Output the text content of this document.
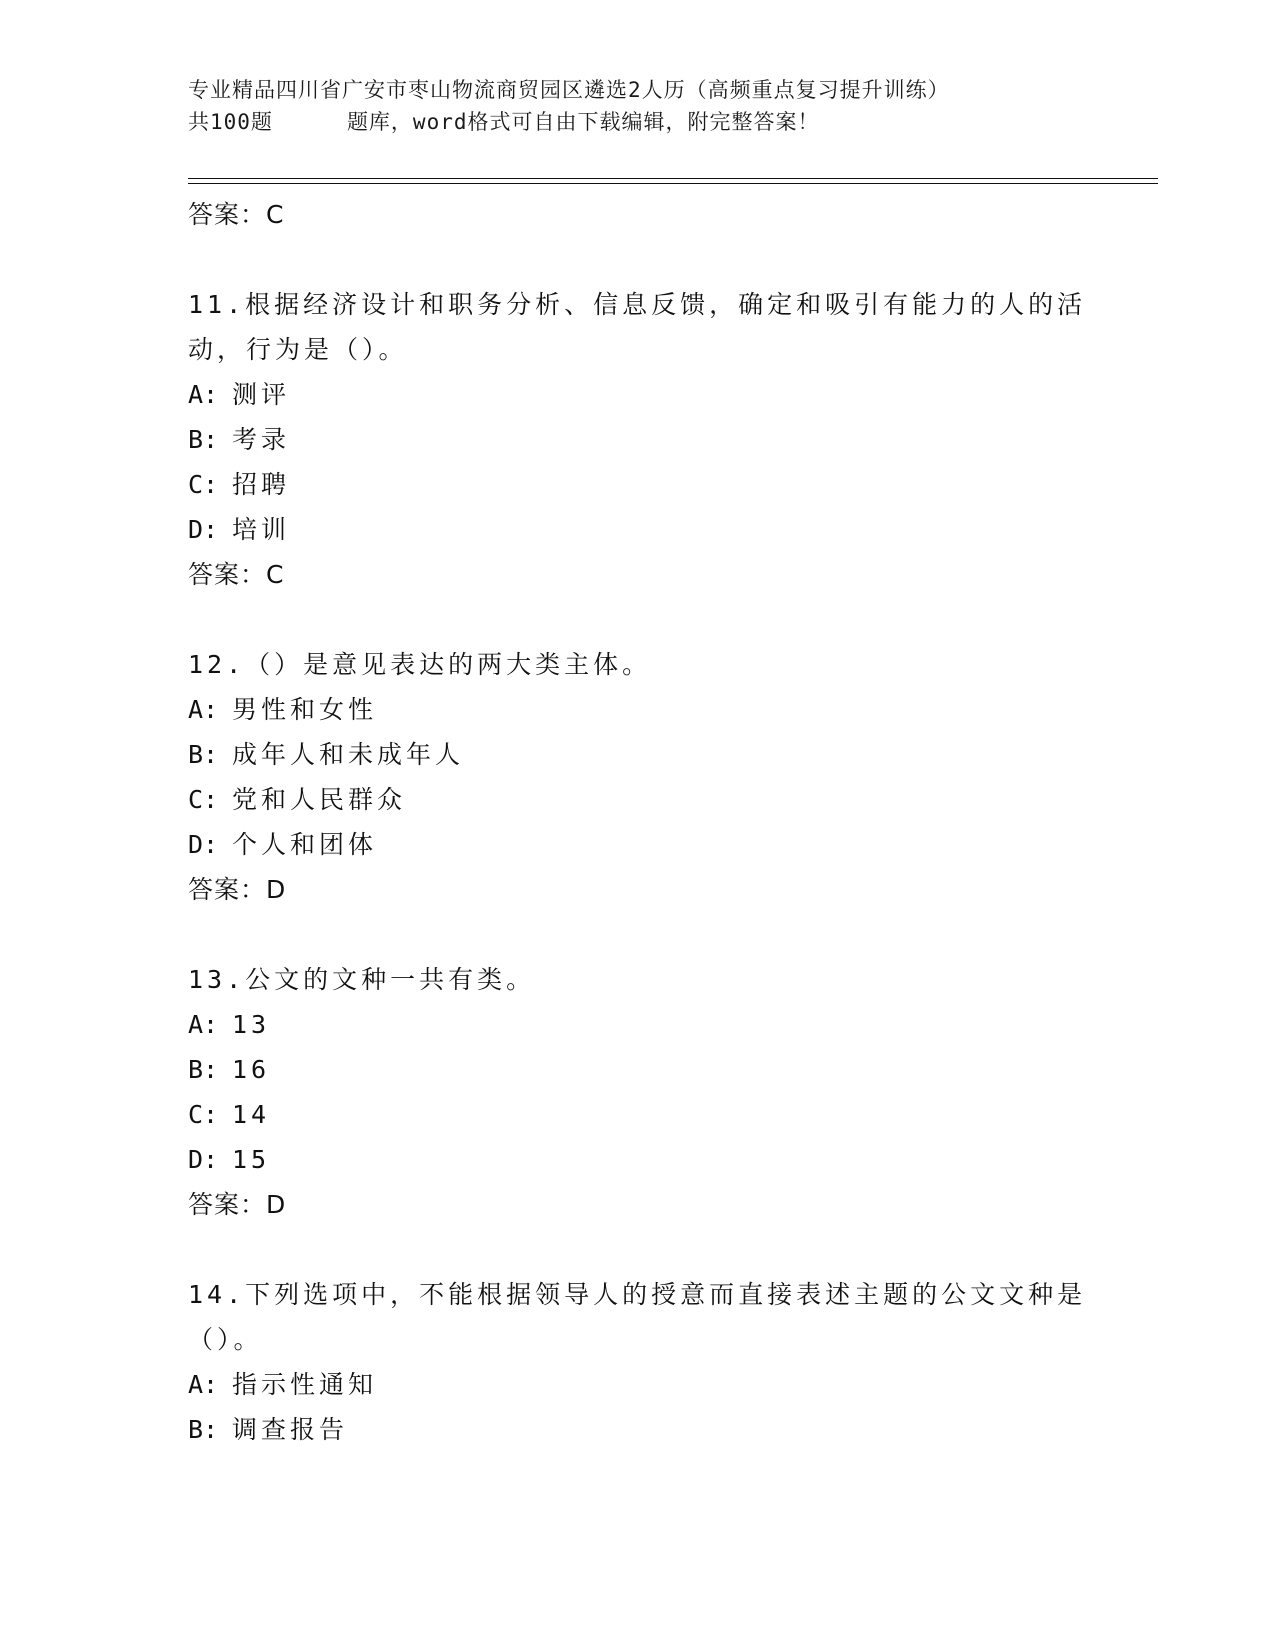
专业精品四川省广安市枣山物流商贸园区遴选2人历（高频重点复习提升训练）
共100题	题库，word格式可自由下载编辑，附完整答案！
答案：C
11.根据经济设计和职务分析、信息反馈，确定和吸引有能力的人的活动，行为是（）。
A: 测评
B: 考录
C: 招聘
D: 培训
答案：C
12.（）是意见表达的两大类主体。
A: 男性和女性
B: 成年人和未成年人
C: 党和人民群众
D: 个人和团体
答案：D
13.公文的文种一共有类。
A: 13
B: 16
C: 14
D: 15
答案：D
14.下列选项中，不能根据领导人的授意而直接表述主题的公文文种是（）。
A: 指示性通知
B: 调查报告
